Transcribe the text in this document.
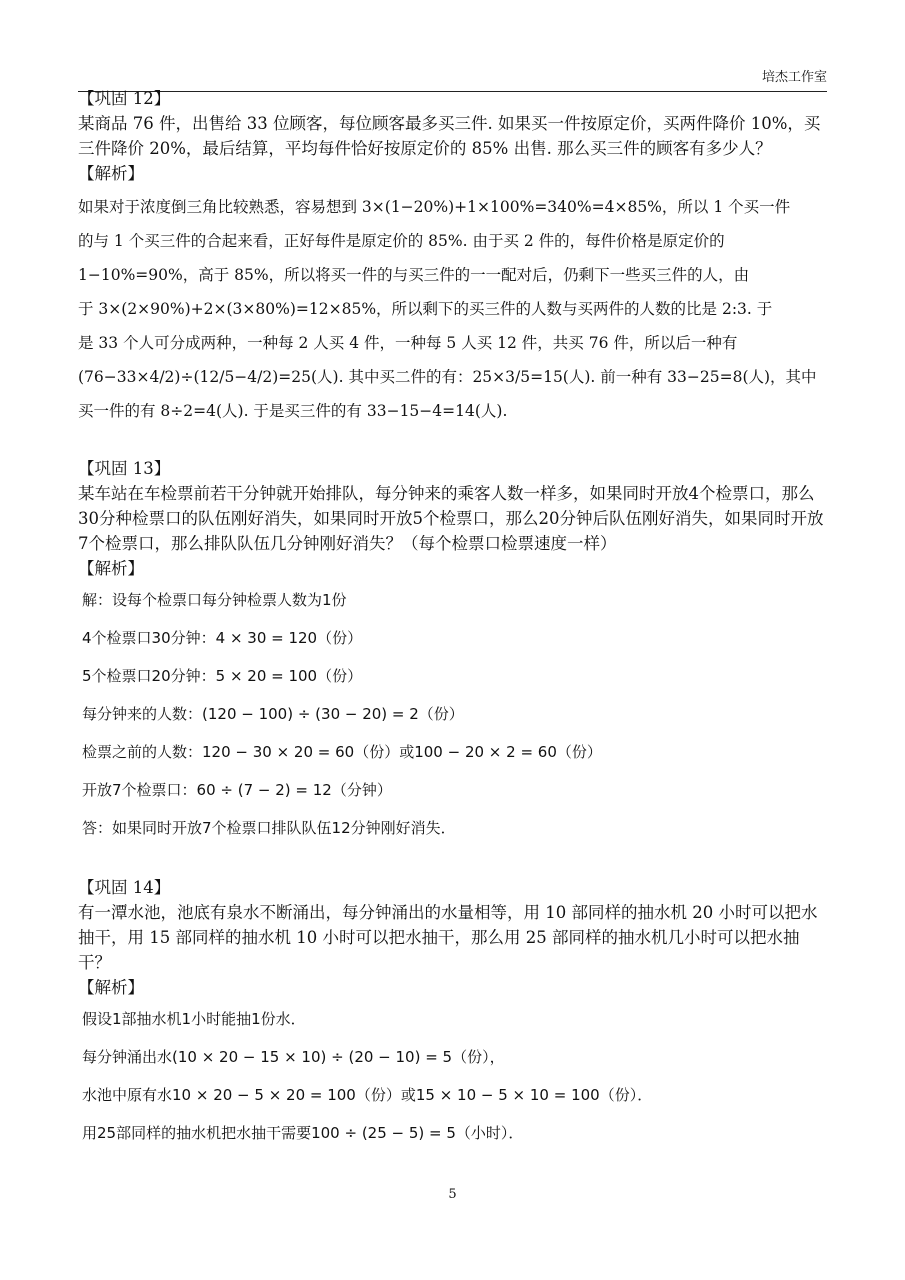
培杰工作室

【巩固 12】

某商品 76 件，出售给 33 位顾客，每位顾客最多买三件. 如果买一件按原定价，买两件降价 10%，买三件降价 20%，最后结算，平均每件恰好按原定价的 85% 出售. 那么买三件的顾客有多少人？

【解析】

如果对于浓度倒三角比较熟悉，容易想到 3×(1−20%)+1×100%=340%=4×85%，所以 1 个买一件
的与 1 个买三件的合起来看，正好每件是原定价的 85%. 由于买 2 件的，每件价格是原定价的
1−10%=90%，高于 85%，所以将买一件的与买三件的一一配对后，仍剩下一些买三件的人，由
于 3×(2×90%)+2×(3×80%)=12×85%，所以剩下的买三件的人数与买两件的人数的比是 2:3. 于
是 33 个人可分成两种，一种每 2 人买 4 件，一种每 5 人买 12 件，共买 76 件，所以后一种有
(76−33×4/2)÷(12/5−4/2)=25(人). 其中买二件的有：25×3/5=15(人). 前一种有 33−25=8(人)，其中
买一件的有 8÷2=4(人). 于是买三件的有 33−15−4=14(人).

【巩固 13】

某车站在车检票前若干分钟就开始排队，每分钟来的乘客人数一样多，如果同时开放4个检票口，那么30分种检票口的队伍刚好消失，如果同时开放5个检票口，那么20分钟后队伍刚好消失，如果同时开放7个检票口，那么排队队伍几分钟刚好消失？（每个检票口检票速度一样）

【解析】

解：设每个检票口每分钟检票人数为1份
4个检票口30分钟：4 × 30 = 120（份）
5个检票口20分钟：5 × 20 = 100（份）
每分钟来的人数：(120 − 100) ÷ (30 − 20) = 2（份）
检票之前的人数：120 − 30 × 20 = 60（份）或100 − 20 × 2 = 60（份）
开放7个检票口：60 ÷ (7 − 2) = 12（分钟）
答：如果同时开放7个检票口排队队伍12分钟刚好消失．

【巩固 14】

有一潭水池，池底有泉水不断涌出，每分钟涌出的水量相等，用 10 部同样的抽水机 20 小时可以把水抽干，用 15 部同样的抽水机 10 小时可以把水抽干，那么用 25 部同样的抽水机几小时可以把水抽干？

【解析】

假设1部抽水机1小时能抽1份水．
每分钟涌出水(10 × 20 − 15 × 10) ÷ (20 − 10) = 5（份），
水池中原有水10 × 20 − 5 × 20 = 100（份）或15 × 10 − 5 × 10 = 100（份）．
用25部同样的抽水机把水抽干需要100 ÷ (25 − 5) = 5（小时）．
5
